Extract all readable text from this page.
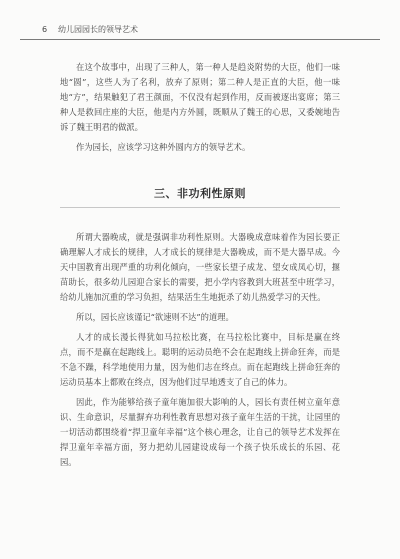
6 幼儿园园长的领导艺术

在这个故事中，出现了三种人，第一种人是趋炎附势的大臣，他们一味地“圆”，这些人为了名利，放弃了原则；第二种人是正直的大臣，他一味地“方”，结果触犯了君王颜面，不仅没有起到作用，反而被逐出宴席；第三种人是救回庄座的大臣，他是内方外圆，既顺从了魏王的心思，又委婉地告诉了魏王明君的做派。

作为园长，应该学习这种外圆内方的领导艺术。

三、非功利性原则

所谓大器晚成，就是强调非功利性原则。大器晚成意味着作为园长要正确理解人才成长的规律，人才成长的规律是大器晚成，而不是大器早成。今天中国教育出现严重的功利化倾向，一些家长望子成龙、望女成凤心切，揠苗助长，很多幼儿园迎合家长的需要，把小学内容教到大班甚至中班学习，给幼儿施加沉重的学习负担，结果活生生地扼杀了幼儿热爱学习的天性。

所以，园长应该谨记“欲速则不达”的道理。

人才的成长漫长得犹如马拉松比赛，在马拉松比赛中，目标是赢在终点，而不是赢在起跑线上。聪明的运动员绝不会在起跑线上拼命狂奔，而是不急不躁，科学地使用力量，因为他们志在终点。而在起跑线上拼命狂奔的运动员基本上都败在终点，因为他们过早地透支了自己的体力。

因此，作为能够给孩子童年施加很大影响的人，园长有责任树立童年意识、生命意识，尽量摒弃功利性教育思想对孩子童年生活的干扰，让园里的一切活动都围绕着“捍卫童年幸福”这个核心理念，让自己的领导艺术发挥在捍卫童年幸福方面，努力把幼儿园建设成每一个孩子快乐成长的乐园、花园。
